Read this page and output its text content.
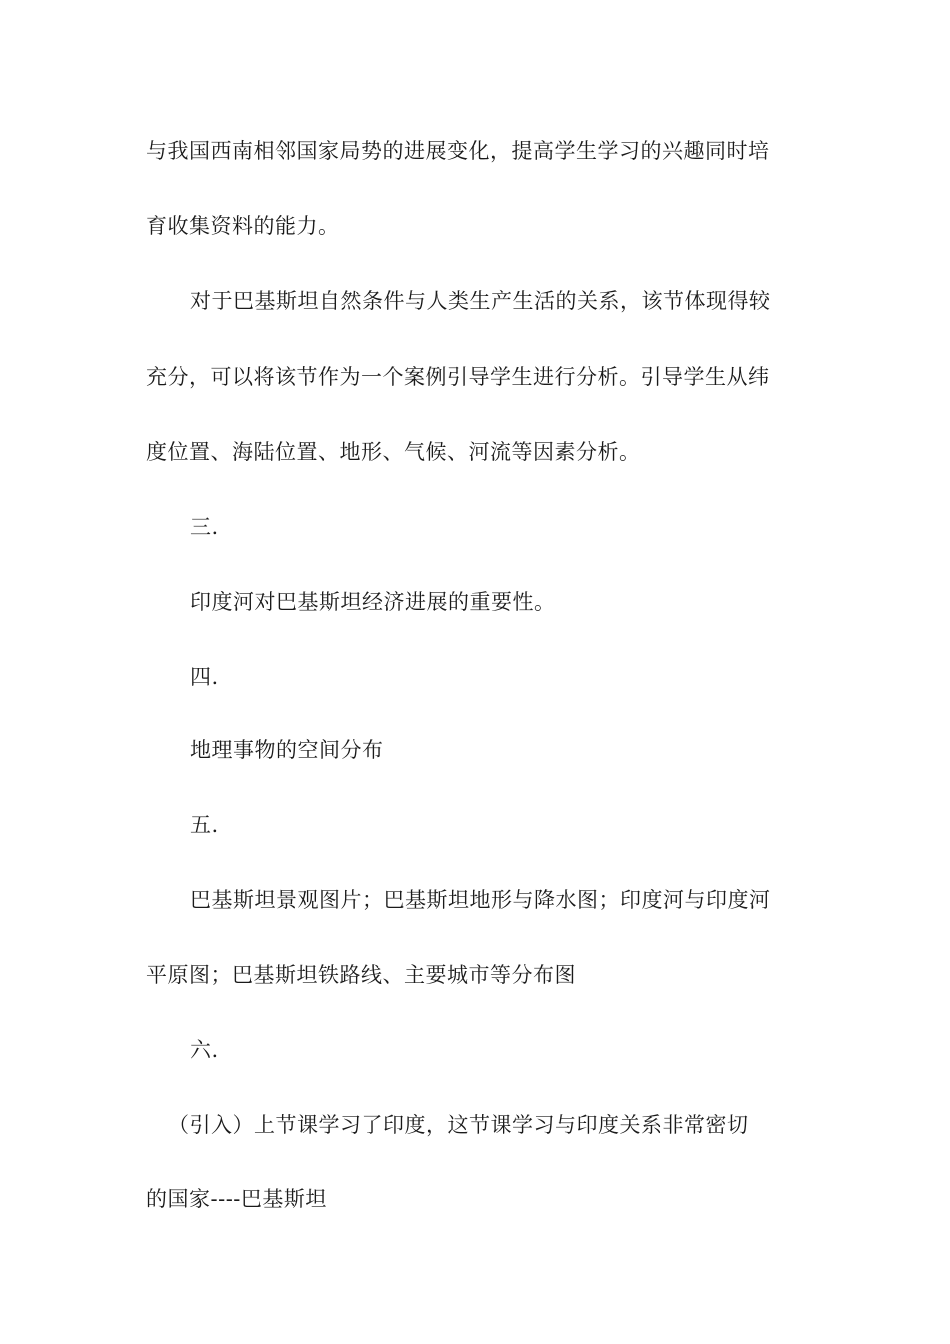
与我国西南相邻国家局势的进展变化，提高学生学习的兴趣同时培
育收集资料的能力。
对于巴基斯坦自然条件与人类生产生活的关系，该节体现得较
充分，可以将该节作为一个案例引导学生进行分析。引导学生从纬
度位置、海陆位置、地形、气候、河流等因素分析。
三.
印度河对巴基斯坦经济进展的重要性。
四.
地理事物的空间分布
五.
巴基斯坦景观图片；巴基斯坦地形与降水图；印度河与印度河
平原图；巴基斯坦铁路线、主要城市等分布图
六.
（引入）上节课学习了印度，这节课学习与印度关系非常密切
的国家----巴基斯坦
